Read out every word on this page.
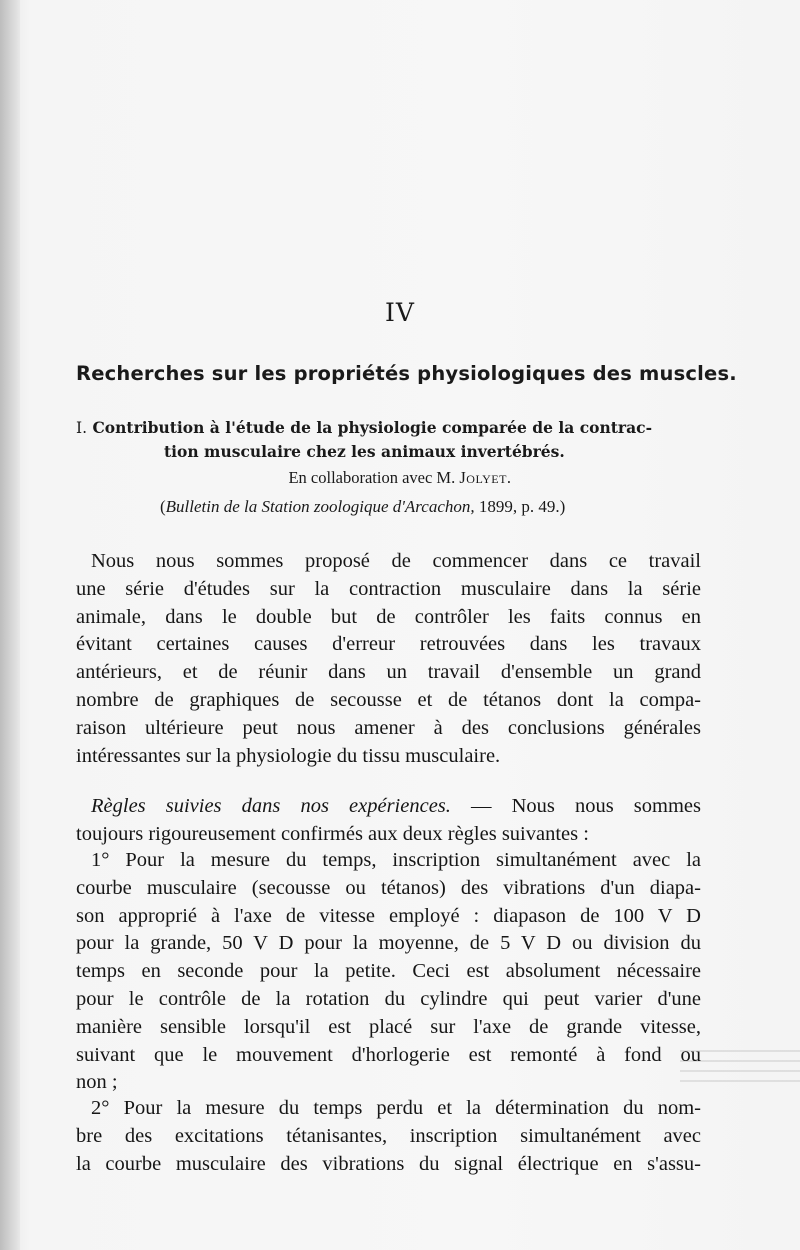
IV
Recherches sur les propriétés physiologiques des muscles.
I. Contribution à l'étude de la physiologie comparée de la contrac-
tion musculaire chez les animaux invertébrés.
En collaboration avec M. Jolyet.
(Bulletin de la Station zoologique d'Arcachon, 1899, p. 49.)
Nous nous sommes proposé de commencer dans ce travail
une série d'études sur la contraction musculaire dans la série
animale, dans le double but de contrôler les faits connus en
évitant certaines causes d'erreur retrouvées dans les travaux
antérieurs, et de réunir dans un travail d'ensemble un grand
nombre de graphiques de secousse et de tétanos dont la compa-
raison ultérieure peut nous amener à des conclusions générales
intéressantes sur la physiologie du tissu musculaire.
Règles suivies dans nos expériences. — Nous nous sommes
toujours rigoureusement confirmés aux deux règles suivantes :
1° Pour la mesure du temps, inscription simultanément avec la
courbe musculaire (secousse ou tétanos) des vibrations d'un diapa-
son approprié à l'axe de vitesse employé : diapason de 100 V D
pour la grande, 50 V D pour la moyenne, de 5 V D ou division du
temps en seconde pour la petite. Ceci est absolument nécessaire
pour le contrôle de la rotation du cylindre qui peut varier d'une
manière sensible lorsqu'il est placé sur l'axe de grande vitesse,
suivant que le mouvement d'horlogerie est remonté à fond ou
non ;
2° Pour la mesure du temps perdu et la détermination du nom-
bre des excitations tétanisantes, inscription simultanément avec
la courbe musculaire des vibrations du signal électrique en s'assu-
